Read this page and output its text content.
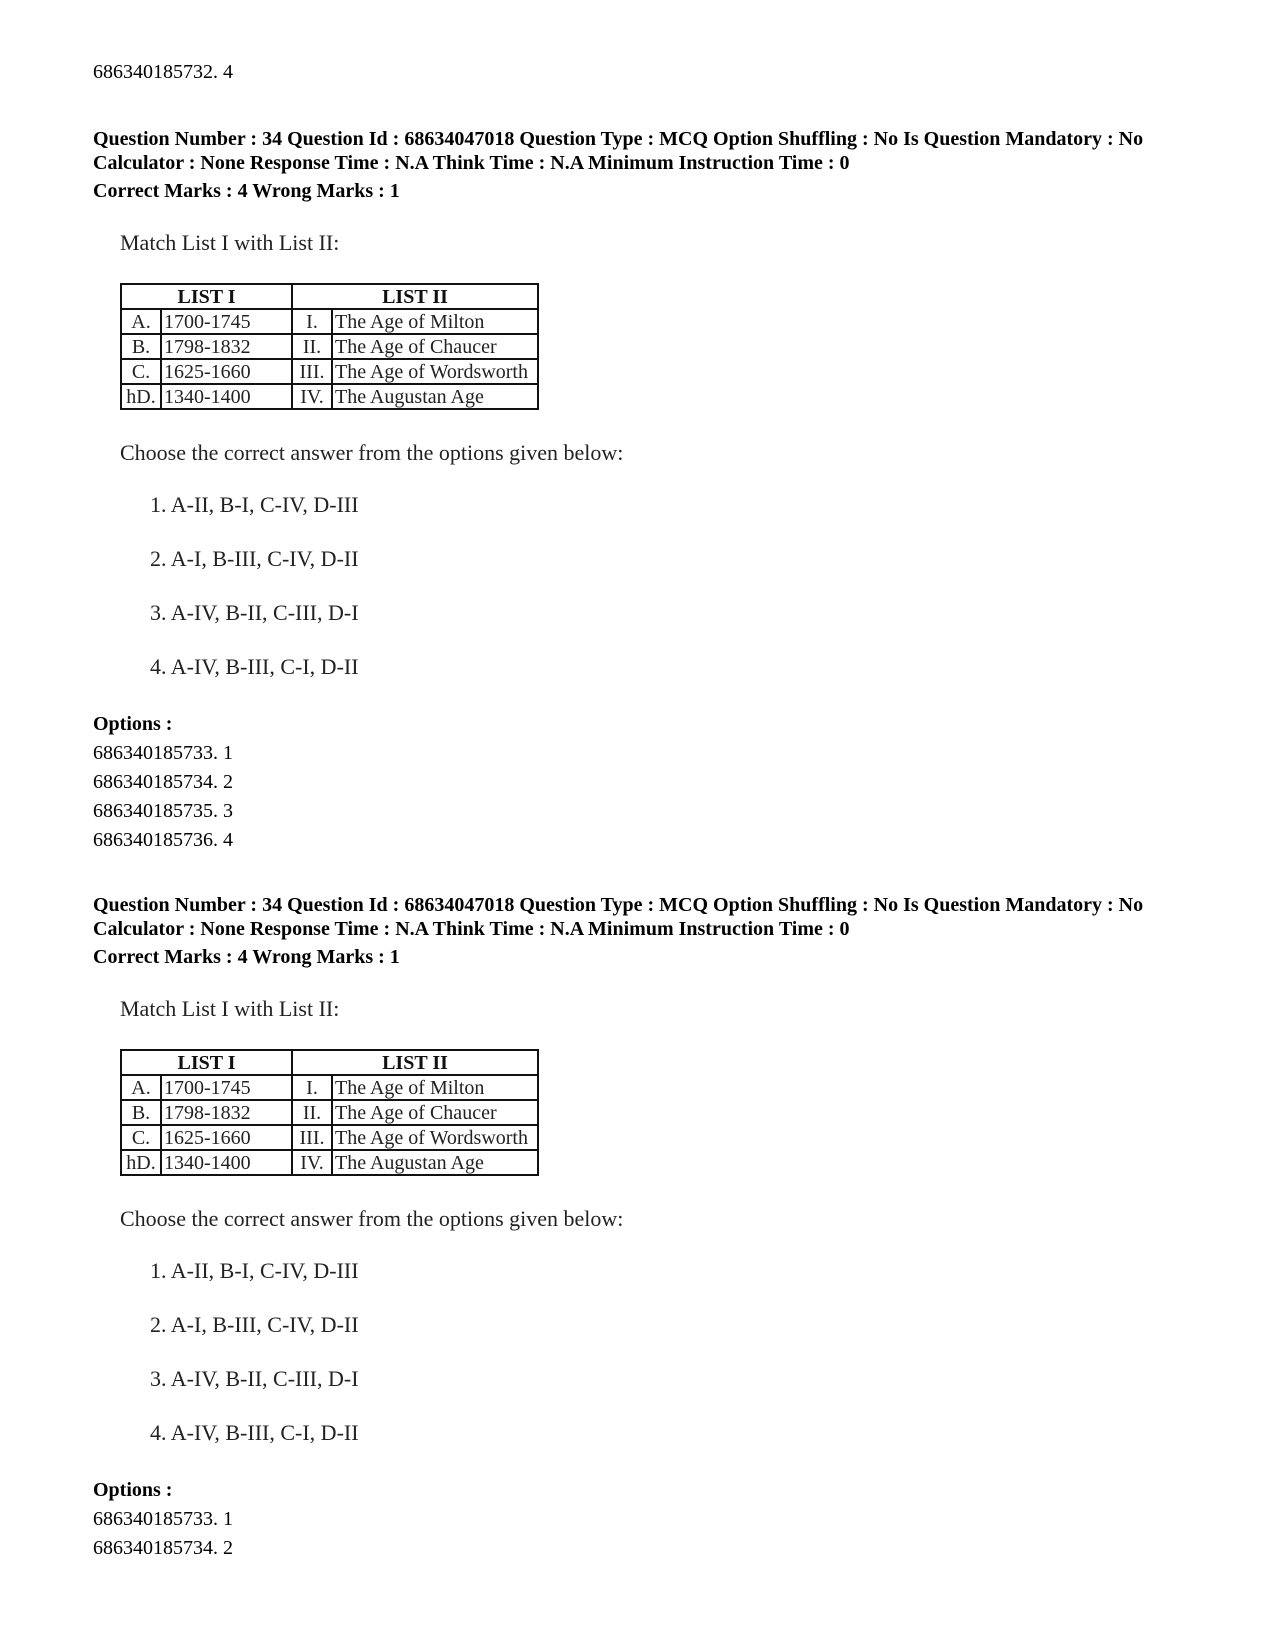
686340185732. 4
Question Number : 34 Question Id : 68634047018 Question Type : MCQ Option Shuffling : No Is Question Mandatory : No Calculator : None Response Time : N.A Think Time : N.A Minimum Instruction Time : 0
Correct Marks : 4 Wrong Marks : 1
Match List I with List II:
LIST I		LIST II	
A.	1700-1745	I.	The Age of Milton
B.	1798-1832	II.	The Age of Chaucer
C.	1625-1660	III.	The Age of Wordsworth
hD.	1340-1400	IV.	The Augustan Age
Choose the correct answer from the options given below:
1. A-II, B-I, C-IV, D-III
2. A-I, B-III, C-IV, D-II
3. A-IV, B-II, C-III, D-I
4. A-IV, B-III, C-I, D-II
Options :
686340185733. 1
686340185734. 2
686340185735. 3
686340185736. 4
Question Number : 34 Question Id : 68634047018 Question Type : MCQ Option Shuffling : No Is Question Mandatory : No Calculator : None Response Time : N.A Think Time : N.A Minimum Instruction Time : 0
Correct Marks : 4 Wrong Marks : 1
Match List I with List II:
LIST I		LIST II	
A.	1700-1745	I.	The Age of Milton
B.	1798-1832	II.	The Age of Chaucer
C.	1625-1660	III.	The Age of Wordsworth
hD.	1340-1400	IV.	The Augustan Age
Choose the correct answer from the options given below:
1. A-II, B-I, C-IV, D-III
2. A-I, B-III, C-IV, D-II
3. A-IV, B-II, C-III, D-I
4. A-IV, B-III, C-I, D-II
Options :
686340185733. 1
686340185734. 2
